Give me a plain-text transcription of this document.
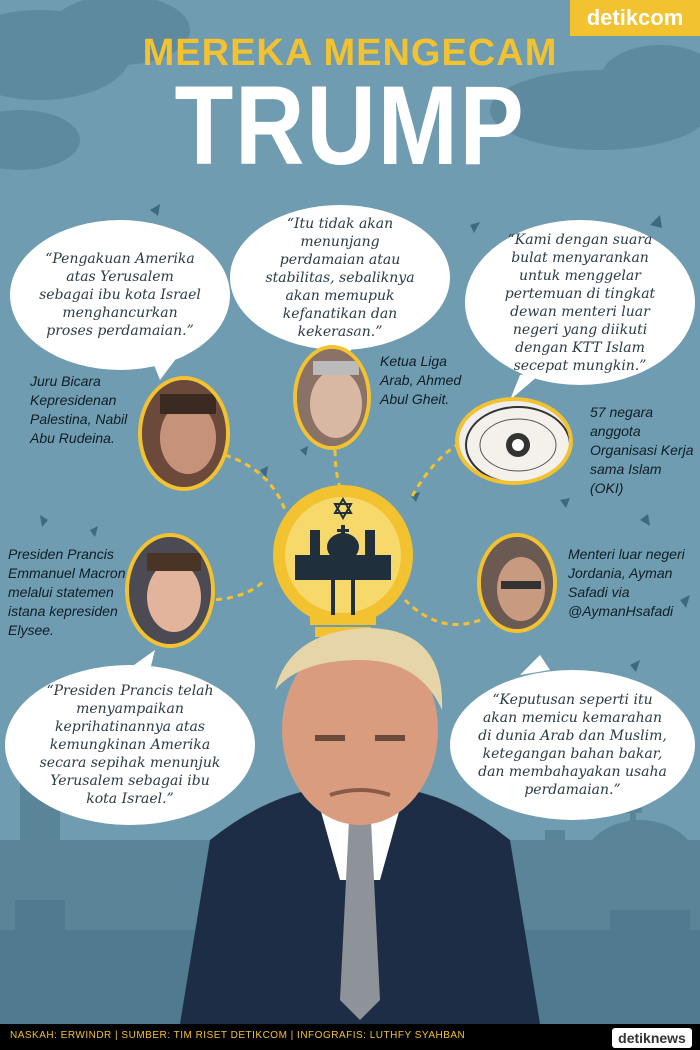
detikcom
MEREKA MENGECAM
TRUMP
“Pengakuan Amerika atas Yerusalem sebagai ibu kota Israel menghancurkan proses perdamaian.”
“Itu tidak akan menunjang perdamaian atau stabilitas, sebaliknya akan memupuk kefanatikan dan kekerasan.”
“Kami dengan suara bulat menyarankan untuk menggelar pertemuan di tingkat dewan menteri luar negeri yang diikuti dengan KTT Islam secepat mungkin.”
“Presiden Prancis telah menyampaikan keprihatinannya atas kemungkinan Amerika secara sepihak menunjuk Yerusalem sebagai ibu kota Israel.”
“Keputusan seperti itu akan memicu kemarahan di dunia Arab dan Muslim, ketegangan bahan bakar, dan membahayakan usaha perdamaian.”
Juru Bicara Kepresidenan Palestina, Nabil Abu Rudeina.
Ketua Liga Arab, Ahmed Abul Gheit.
57 negara anggota Organisasi Kerja sama Islam (OKI)
Presiden Prancis Emmanuel Macron melalui statemen istana kepresiden Elysee.
Menteri luar negeri Jordania, Ayman Safadi via @AymanHsafadi
NASKAH: ERWINDR | SUMBER: TIM RISET DETIKCOM | INFOGRAFIS: LUTHFY SYAHBAN	detiknews
